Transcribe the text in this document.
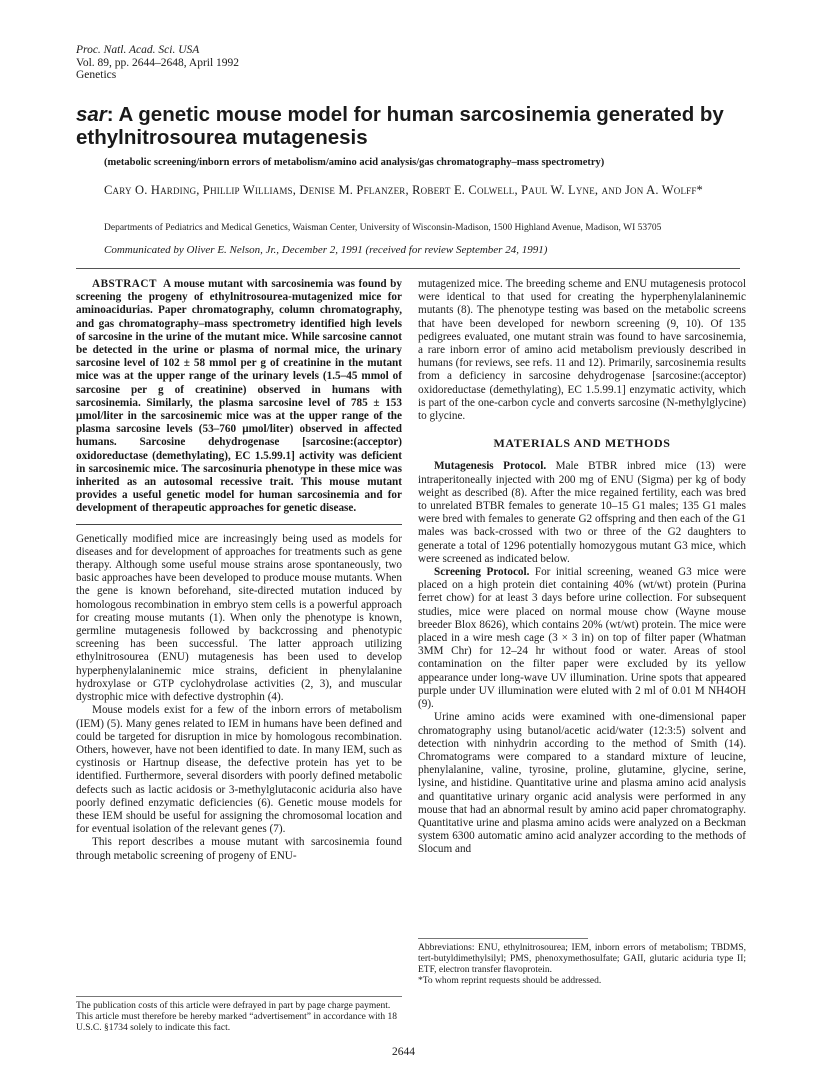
Proc. Natl. Acad. Sci. USA
Vol. 89, pp. 2644–2648, April 1992
Genetics
sar: A genetic mouse model for human sarcosinemia generated by ethylnitrosourea mutagenesis
(metabolic screening/inborn errors of metabolism/amino acid analysis/gas chromatography–mass spectrometry)
Cary O. Harding, Phillip Williams, Denise M. Pflanzer, Robert E. Colwell, Paul W. Lyne, and Jon A. Wolff*
Departments of Pediatrics and Medical Genetics, Waisman Center, University of Wisconsin-Madison, 1500 Highland Avenue, Madison, WI 53705
Communicated by Oliver E. Nelson, Jr., December 2, 1991 (received for review September 24, 1991)

ABSTRACT A mouse mutant with sarcosinemia was found by screening the progeny of ethylnitrosourea-mutagenized mice for aminoacidurias. Paper chromatography, column chromatography, and gas chromatography–mass spectrometry identified high levels of sarcosine in the urine of the mutant mice. While sarcosine cannot be detected in the urine or plasma of normal mice, the urinary sarcosine level of 102 ± 58 mmol per g of creatinine in the mutant mice was at the upper range of the urinary levels (1.5–45 mmol of sarcosine per g of creatinine) observed in humans with sarcosinemia. Similarly, the plasma sarcosine level of 785 ± 153 μmol/liter in the sarcosinemic mice was at the upper range of the plasma sarcosine levels (53–760 μmol/liter) observed in affected humans. Sarcosine dehydrogenase [sarcosine:(acceptor) oxidoreductase (demethylating), EC 1.5.99.1] activity was deficient in sarcosinemic mice. The sarcosinuria phenotype in these mice was inherited as an autosomal recessive trait. This mouse mutant provides a useful genetic model for human sarcosinemia and for development of therapeutic approaches for genetic disease.

Genetically modified mice are increasingly being used as models for diseases and for development of approaches for treatments such as gene therapy. Although some useful mouse strains arose spontaneously, two basic approaches have been developed to produce mouse mutants. When the gene is known beforehand, site-directed mutation induced by homologous recombination in embryo stem cells is a powerful approach for creating mouse mutants (1). When only the phenotype is known, germline mutagenesis followed by backcrossing and phenotypic screening has been successful. The latter approach utilizing ethylnitrosourea (ENU) mutagenesis has been used to develop hyperphenylalaninemic mice strains, deficient in phenylalanine hydroxylase or GTP cyclohydrolase activities (2, 3), and muscular dystrophic mice with defective dystrophin (4).

Mouse models exist for a few of the inborn errors of metabolism (IEM) (5). Many genes related to IEM in humans have been defined and could be targeted for disruption in mice by homologous recombination. Others, however, have not been identified to date. In many IEM, such as cystinosis or Hartnup disease, the defective protein has yet to be identified. Furthermore, several disorders with poorly defined metabolic defects such as lactic acidosis or 3-methylglutaconic aciduria also have poorly defined enzymatic deficiencies (6). Genetic mouse models for these IEM should be useful for assigning the chromosomal location and for eventual isolation of the relevant genes (7).

This report describes a mouse mutant with sarcosinemia found through metabolic screening of progeny of ENU-

mutagenized mice. The breeding scheme and ENU mutagenesis protocol were identical to that used for creating the hyperphenylalaninemic mutants (8). The phenotype testing was based on the metabolic screens that have been developed for newborn screening (9, 10). Of 135 pedigrees evaluated, one mutant strain was found to have sarcosinemia, a rare inborn error of amino acid metabolism previously described in humans (for reviews, see refs. 11 and 12). Primarily, sarcosinemia results from a deficiency in sarcosine dehydrogenase [sarcosine:(acceptor) oxidoreductase (demethylating), EC 1.5.99.1] enzymatic activity, which is part of the one-carbon cycle and converts sarcosine (N-methylglycine) to glycine.

MATERIALS AND METHODS

Mutagenesis Protocol. Male BTBR inbred mice (13) were intraperitoneally injected with 200 mg of ENU (Sigma) per kg of body weight as described (8). After the mice regained fertility, each was bred to unrelated BTBR females to generate 10–15 G1 males; 135 G1 males were bred with females to generate G2 offspring and then each of the G1 males was back-crossed with two or three of the G2 daughters to generate a total of 1296 potentially homozygous mutant G3 mice, which were screened as indicated below.

Screening Protocol. For initial screening, weaned G3 mice were placed on a high protein diet containing 40% (wt/wt) protein (Purina ferret chow) for at least 3 days before urine collection. For subsequent studies, mice were placed on normal mouse chow (Wayne mouse breeder Blox 8626), which contains 20% (wt/wt) protein. The mice were placed in a wire mesh cage (3 × 3 in) on top of filter paper (Whatman 3MM Chr) for 12–24 hr without food or water. Areas of stool contamination on the filter paper were excluded by its yellow appearance under long-wave UV illumination. Urine spots that appeared purple under UV illumination were eluted with 2 ml of 0.01 M NH4OH (9).

Urine amino acids were examined with one-dimensional paper chromatography using butanol/acetic acid/water (12:3:5) solvent and detection with ninhydrin according to the method of Smith (14). Chromatograms were compared to a standard mixture of leucine, phenylalanine, valine, tyrosine, proline, glutamine, glycine, serine, lysine, and histidine. Quantitative urine and plasma amino acid analysis and quantitative urinary organic acid analysis were performed in any mouse that had an abnormal result by amino acid paper chromatography. Quantitative urine and plasma amino acids were analyzed on a Beckman system 6300 automatic amino acid analyzer according to the methods of Slocum and

Abbreviations: ENU, ethylnitrosourea; IEM, inborn errors of metabolism; TBDMS, tert-butyldimethylsilyl; PMS, phenoxymethosulfate; GAII, glutaric aciduria type II; ETF, electron transfer flavoprotein.

*To whom reprint requests should be addressed.

The publication costs of this article were defrayed in part by page charge payment. This article must therefore be hereby marked “advertisement” in accordance with 18 U.S.C. §1734 solely to indicate this fact.

2644
